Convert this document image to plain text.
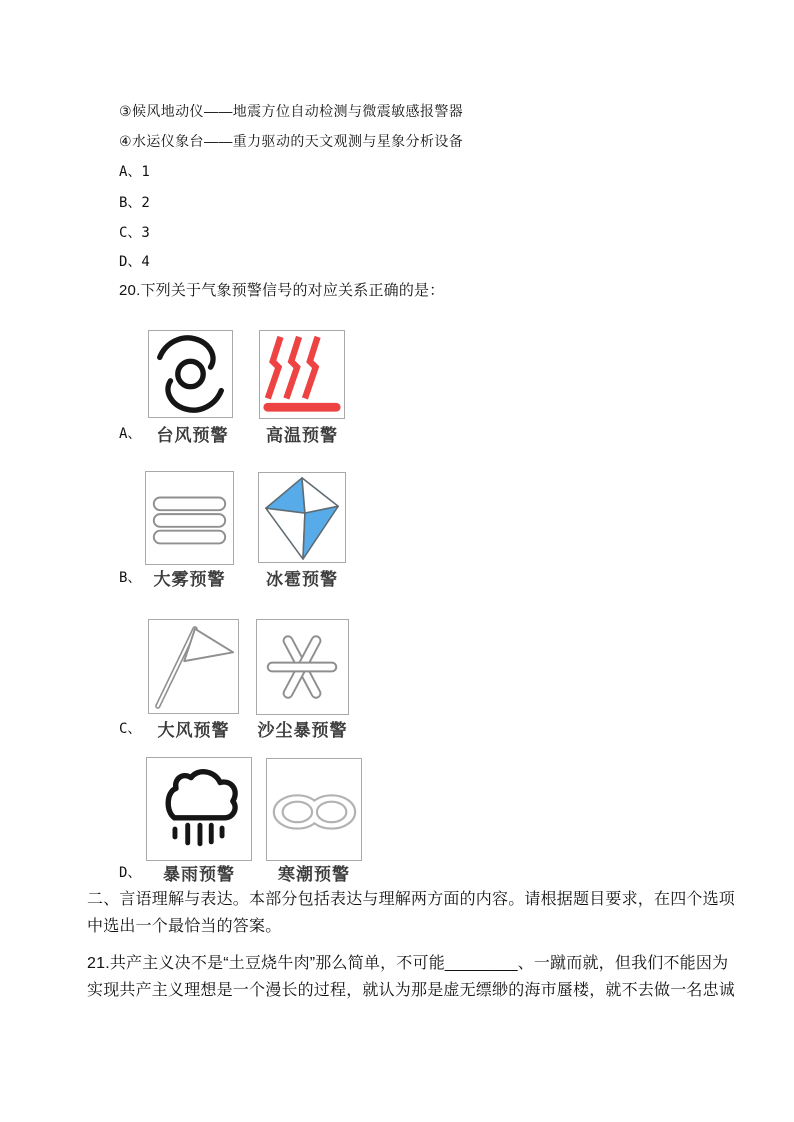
③候风地动仪——地震方位自动检测与微震敏感报警器
④水运仪象台——重力驱动的天文观测与星象分析设备
A、1
B、2
C、3
D、4
20.下列关于气象预警信号的对应关系正确的是：
A、 台风预警	高温预警
B、 大雾预警	冰雹预警
C、 大风预警	沙尘暴预警
D、	暴雨预警	寒潮预警
二、言语理解与表达。本部分包括表达与理解两方面的内容。请根据题目要求，在四个选项
中选出一个最恰当的答案。
21.共产主义决不是“土豆烧牛肉”那么简单，不可能________、一蹴而就，但我们不能因为
实现共产主义理想是一个漫长的过程，就认为那是虚无缥缈的海市蜃楼，就不去做一名忠诚
